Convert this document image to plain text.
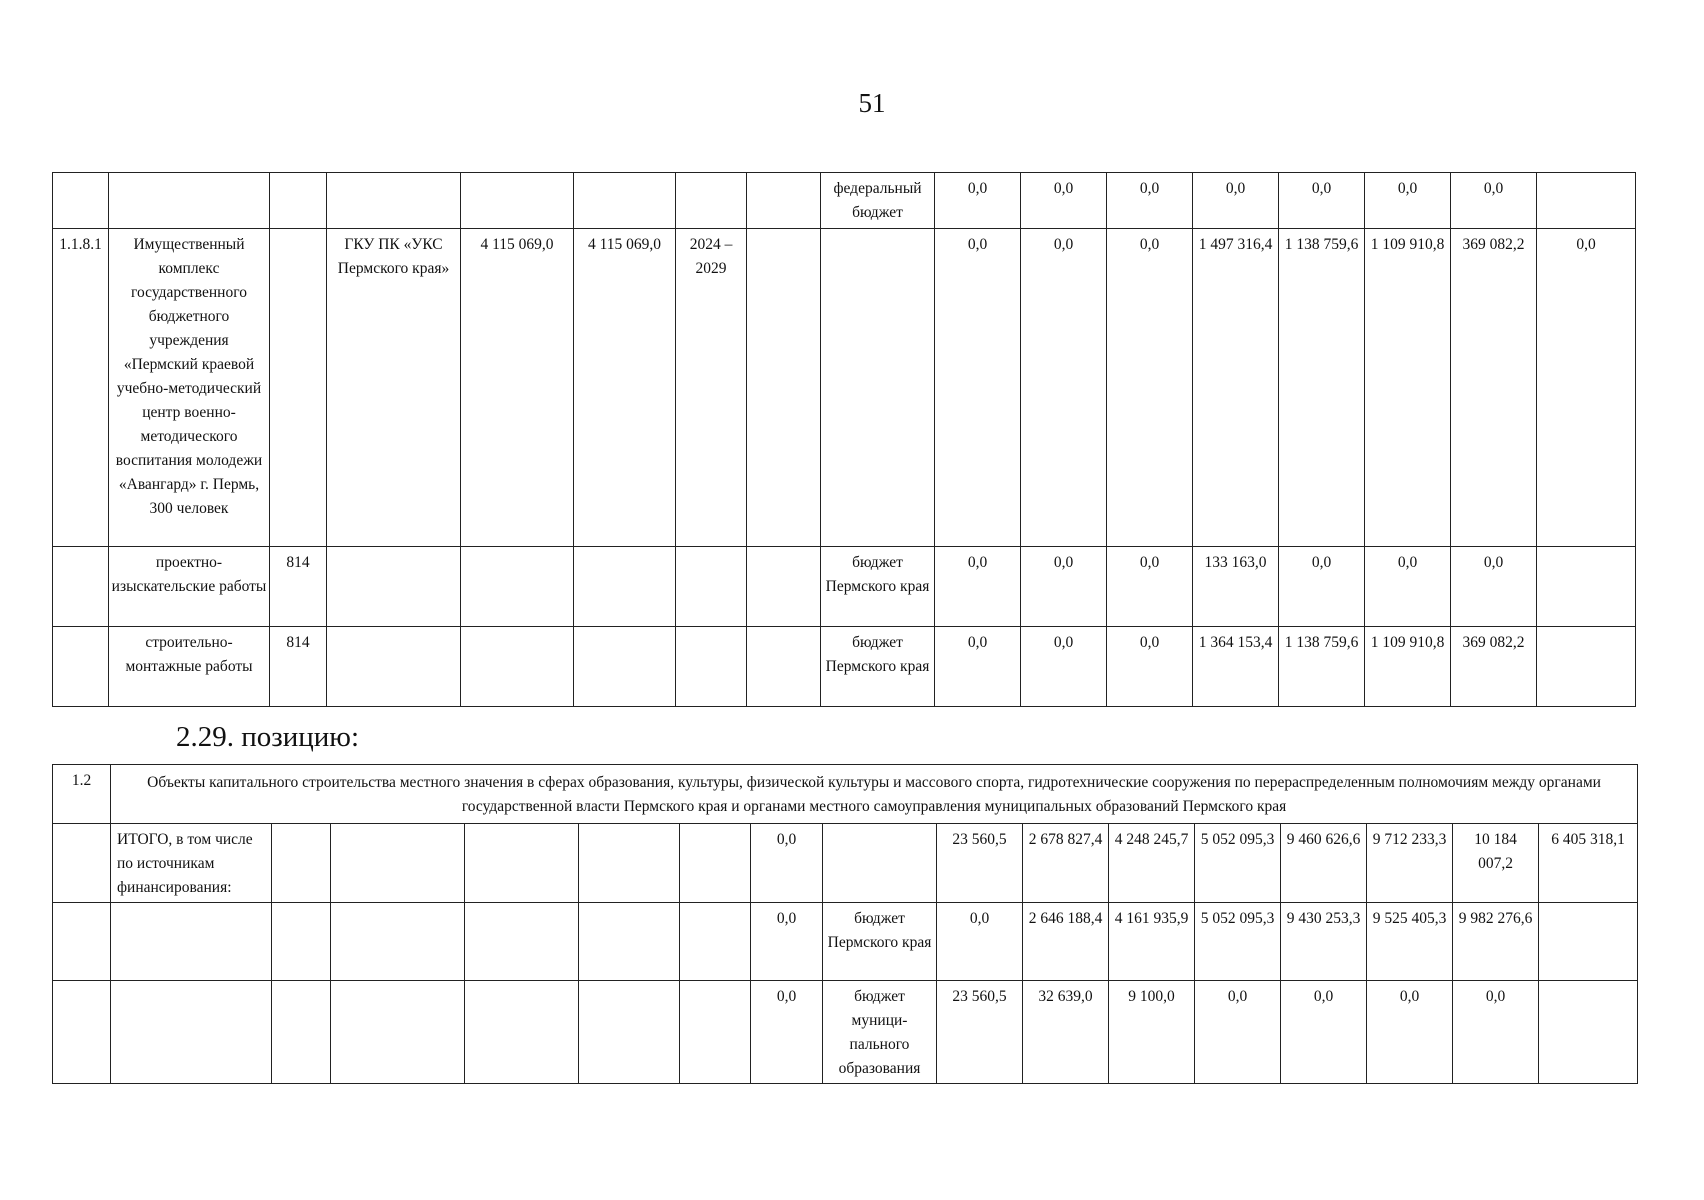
51
								федеральный бюджет	0,0	0,0	0,0	0,0	0,0	0,0	0,0	
1.1.8.1	Имущественный комплекс государственного бюджетного учреждения «Пермский краевой учебно-методический центр военно-методического воспитания молодежи «Авангард» г. Пермь, 300 человек		ГКУ ПК «УКС Пермского края»	4 115 069,0	4 115 069,0	2024 – 2029			0,0	0,0	0,0	1 497 316,4	1 138 759,6	1 109 910,8	369 082,2	0,0
	проектно-изыскательские работы	814						бюджет Пермского края	0,0	0,0	0,0	133 163,0	0,0	0,0	0,0	
	строительно-монтажные работы	814						бюджет Пермского края	0,0	0,0	0,0	1 364 153,4	1 138 759,6	1 109 910,8	369 082,2	
2.29. позицию:
1.2	Объекты капитального строительства местного значения в сферах образования, культуры, физической культуры и массового спорта, гидротехнические сооружения по перераспределенным полномочиям между органами государственной власти Пермского края и органами местного самоуправления муниципальных образований Пермского края															
	ИТОГО, в том числе по источникам финансирования:						0,0		23 560,5	2 678 827,4	4 248 245,7	5 052 095,3	9 460 626,6	9 712 233,3	10 184 007,2	6 405 318,1
							0,0	бюджет Пермского края	0,0	2 646 188,4	4 161 935,9	5 052 095,3	9 430 253,3	9 525 405,3	9 982 276,6	
							0,0	бюджет муници-пального образования	23 560,5	32 639,0	9 100,0	0,0	0,0	0,0	0,0	
